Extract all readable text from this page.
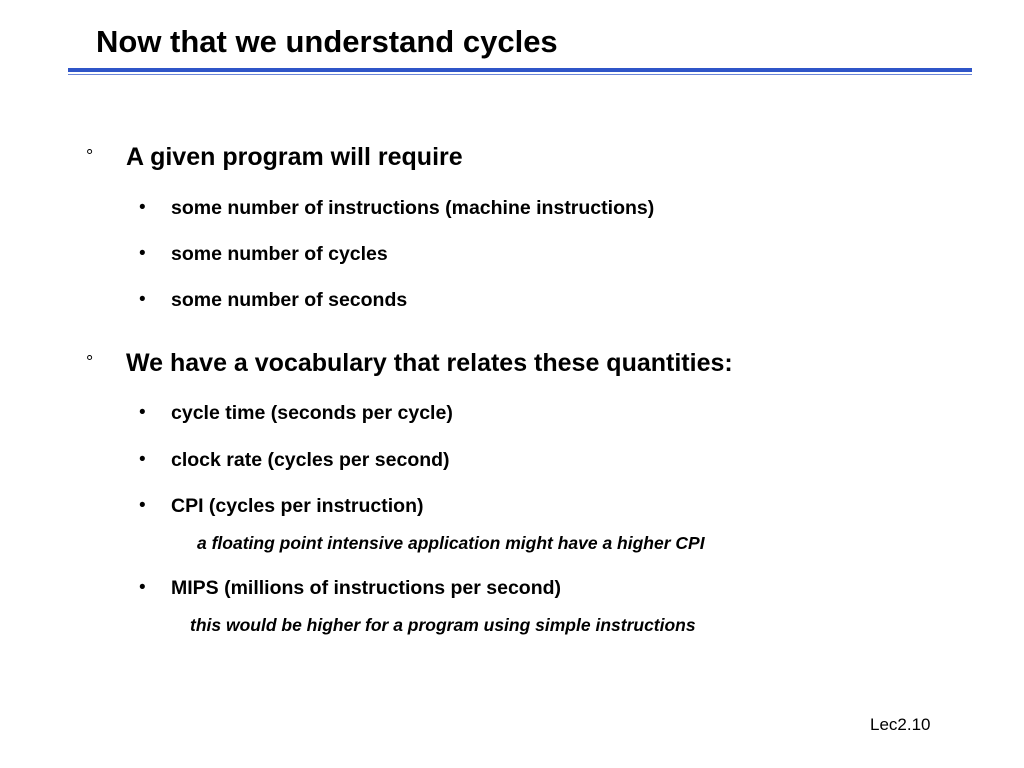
Now that we understand cycles
° A given program will require
• some number of instructions (machine instructions)
• some number of cycles
• some number of seconds
° We have a vocabulary that relates these quantities:
• cycle time (seconds per cycle)
• clock rate (cycles per second)
• CPI (cycles per instruction)
a floating point intensive application might have a higher CPI
• MIPS (millions of instructions per second)
this would be higher for a program using simple instructions
Lec2.10
